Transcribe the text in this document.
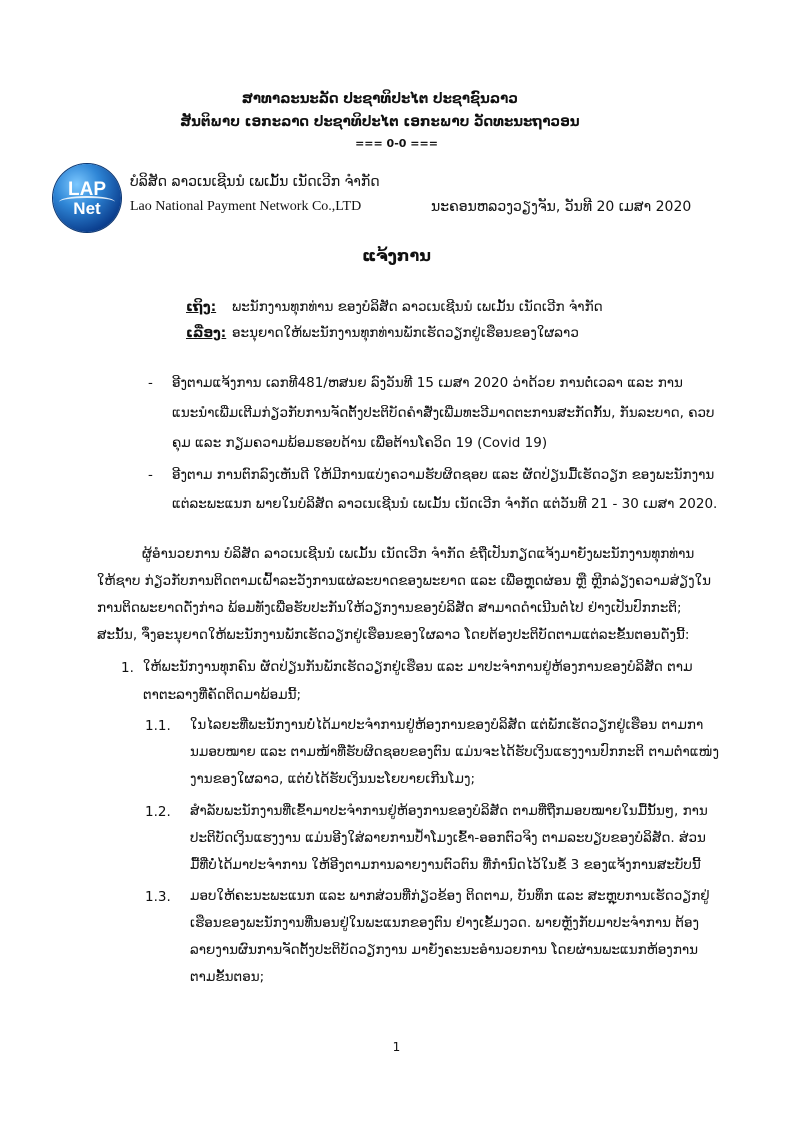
ສາທາລະນະລັດ ປະຊາທິປະໄຕ ປະຊາຊົນລາວ
ສັນຕິພາບ ເອກະລາດ ປະຊາທິປະໄຕ ເອກະພາບ ວັດທະນະຖາວອນ
=== 0-0 ===
LAP
Net
ບໍລິສັດ ລາວເນເຊີນນໍ ເພເມັ້ນ ເນັດເວີກ ຈຳກັດ
Lao National Payment Network Co.,LTD	ນະຄອນຫລວງວຽງຈັນ, ວັນທີ 20 ເມສາ 2020
ແຈ້ງການ
ເຖິງ: ພະນັກງານທຸກທ່ານ ຂອງບໍລິສັດ ລາວເນເຊີນນໍ ເພເມັ້ນ ເນັດເວີກ ຈຳກັດ
ເລື່ອງ: ອະນຸຍາດໃຫ້ພະນັກງານທຸກທ່ານພັກເຮັດວຽກຢູ່ເຮືອນຂອງໃຜລາວ
- ອີງຕາມແຈ້ງການ ເລກທີ481/ຫສນຍ ລົງວັນທີ 15 ເມສາ 2020 ວ່າດ້ວຍ ການຕໍ່ເວລາ ແລະ ການ
ແນະນຳເພີ່ມເຕີມກ່ຽວກັບການຈັດຕັ້ງປະຕິບັດຄຳສັ່ງເພີ່ມທະວີມາດຕະການສະກັດກັ້ນ, ກັນລະບາດ, ຄວບ
ຄຸມ ແລະ ກຽມຄວາມພ້ອມຮອບດ້ານ ເພື່ອຕ້ານໂຄວິດ 19 (Covid 19)
- ອີງຕາມ ການຕົກລົງເຫັນດີ ໃຫ້ມີການແບ່ງຄວາມຮັບຜິດຊອບ ແລະ ຜັດປ່ຽນມື້ເຮັດວຽກ ຂອງພະນັກງານ
ແຕ່ລະພະແນກ ພາຍໃນບໍລິສັດ ລາວເນເຊີນນໍ ເພເມັ້ນ ເນັດເວີກ ຈຳກັດ ແຕ່ວັນທີ 21 - 30 ເມສາ 2020.
ຜູ້ອຳນວຍການ ບໍລິສັດ ລາວເນເຊີນນໍ ເພເມັ້ນ ເນັດເວີກ ຈຳກັດ ຂໍຖືເປັນກຽດແຈ້ງມາຍັງພະນັກງານທຸກທ່ານ
ໃຫ້ຊາບ ກ່ຽວກັບການຕິດຕາມເຝົ້າລະວັງການແຜ່ລະບາດຂອງພະຍາດ ແລະ ເພື່ອຫຼຸດຜ່ອນ ຫຼື ຫຼີກລ່ຽງຄວາມສ່ຽງໃນ
ການຕິດພະຍາດດັ່ງກ່າວ ພ້ອມທັງເພື່ອຮັບປະກັນໃຫ້ວຽກງານຂອງບໍລິສັດ ສາມາດດຳເນີນຕໍ່ໄປ ຢ່າງເປັນປົກກະຕິ;
ສະນັ້ນ, ຈຶ່ງອະນຸຍາດໃຫ້ພະນັກງານພັກເຮັດວຽກຢູ່ເຮືອນຂອງໃຜລາວ ໂດຍຕ້ອງປະຕິບັດຕາມແຕ່ລະຂັ້ນຕອນດັ່ງນີ້:
1. ໃຫ້ພະນັກງານທຸກຄົນ ຜັດປ່ຽນກັນພັກເຮັດວຽກຢູ່ເຮືອນ ແລະ ມາປະຈຳການຢູ່ຫ້ອງການຂອງບໍລິສັດ ຕາມ
ຕາຕະລາງທີ່ຄັດຕິດມາພ້ອມນີ້;
1.1. ໃນໄລຍະທີ່ພະນັກງານບໍ່ໄດ້ມາປະຈຳການຢູ່ຫ້ອງການຂອງບໍລິສັດ ແຕ່ພັກເຮັດວຽກຢູ່ເຮືອນ ຕາມກາ
ນມອບໝາຍ ແລະ ຕາມໜ້າທີ່ຮັບຜິດຊອບຂອງຕົນ ແມ່ນຈະໄດ້ຮັບເງິນແຮງງານປົກກະຕິ ຕາມຕຳແໜ່ງ
ງານຂອງໃຜລາວ, ແຕ່ບໍ່ໄດ້ຮັບເງິນນະໂຍບາຍເກີນໂມງ;
1.2. ສຳລັບພະນັກງານທີ່ເຂົ້າມາປະຈຳການຢູ່ຫ້ອງການຂອງບໍລິສັດ ຕາມທີ່ຖືກມອບໝາຍໃນມື້ນັ້ນໆ, ການ
ປະຕິບັດເງິນແຮງງານ ແມ່ນອີງໃສ່ລາຍການປ້ຳໂມງເຂົ້າ-ອອກຕົວຈິງ ຕາມລະບຽບຂອງບໍລິສັດ. ສ່ວນ
ມື້ທີ່ບໍ່ໄດ້ມາປະຈຳການ ໃຫ້ອີງຕາມການລາຍງານຕົວຕົນ ທີ່ກຳນົດໄວ້ໃນຂໍ້ 3 ຂອງແຈ້ງການສະບັບນີ້
1.3. ມອບໃຫ້ຄະນະພະແນກ ແລະ ພາກສ່ວນທີ່ກ່ຽວຂ້ອງ ຕິດຕາມ, ບັນທຶກ ແລະ ສະຫຼຸບການເຮັດວຽກຢູ່
ເຮືອນຂອງພະນັກງານທີ່ນອນຢູ່ໃນພະແນກຂອງຕົນ ຢ່າງເຂັ້ມງວດ. ພາຍຫຼັງກັບມາປະຈຳການ ຕ້ອງ
ລາຍງານຜົນການຈັດຕັ້ງປະຕິບັດວຽກງານ ມາຍັງຄະນະອຳນວຍການ ໂດຍຜ່ານພະແນກຫ້ອງການ
ຕາມຂັ້ນຕອນ;
1
